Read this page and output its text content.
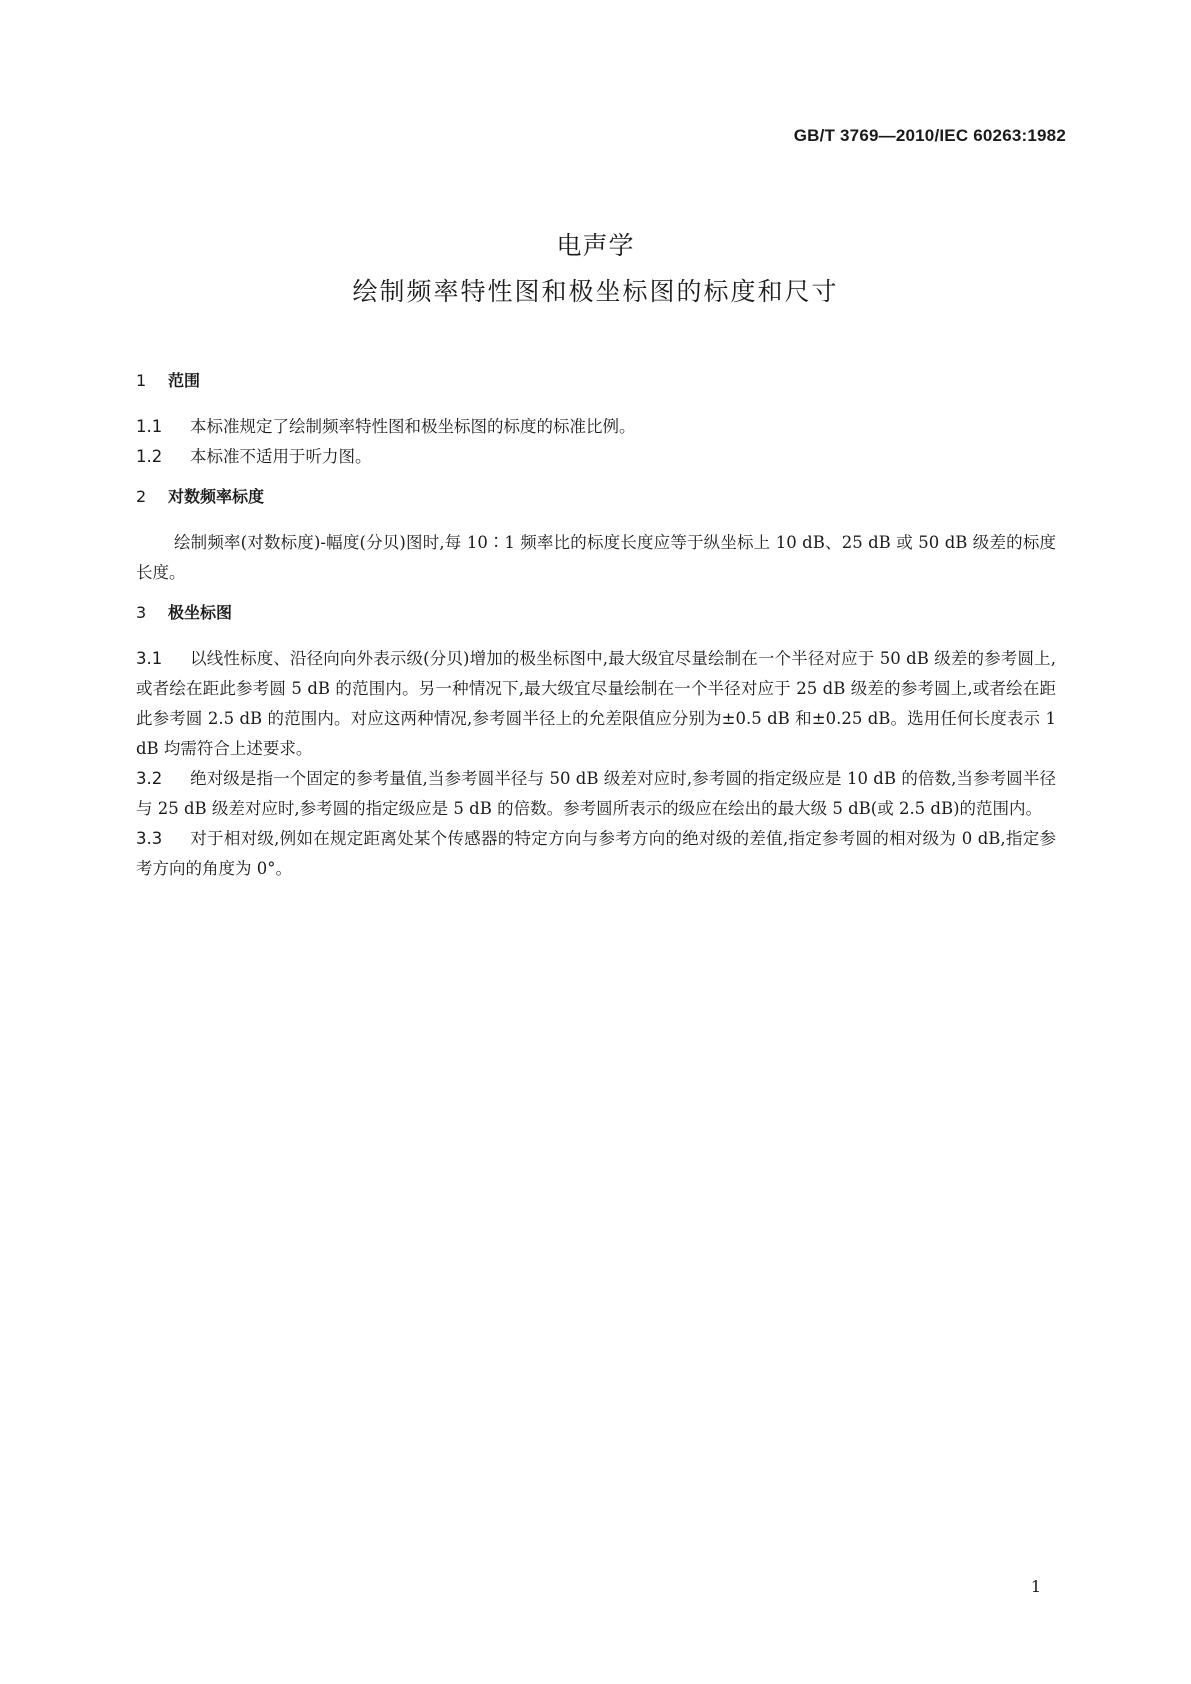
GB/T 3769—2010/IEC 60263:1982
电声学
绘制频率特性图和极坐标图的标度和尺寸
1 范围

1.1 本标准规定了绘制频率特性图和极坐标图的标度的标准比例。

1.2 本标准不适用于听力图。

2 对数频率标度

绘制频率(对数标度)-幅度(分贝)图时,每 10∶1 频率比的标度长度应等于纵坐标上 10 dB、25 dB 或 50 dB 级差的标度长度。

3 极坐标图

3.1 以线性标度、沿径向向外表示级(分贝)增加的极坐标图中,最大级宜尽量绘制在一个半径对应于 50 dB 级差的参考圆上,或者绘在距此参考圆 5 dB 的范围内。另一种情况下,最大级宜尽量绘制在一个半径对应于 25 dB 级差的参考圆上,或者绘在距此参考圆 2.5 dB 的范围内。对应这两种情况,参考圆半径上的允差限值应分别为±0.5 dB 和±0.25 dB。选用任何长度表示 1 dB 均需符合上述要求。

3.2 绝对级是指一个固定的参考量值,当参考圆半径与 50 dB 级差对应时,参考圆的指定级应是 10 dB 的倍数,当参考圆半径与 25 dB 级差对应时,参考圆的指定级应是 5 dB 的倍数。参考圆所表示的级应在绘出的最大级 5 dB(或 2.5 dB)的范围内。

3.3 对于相对级,例如在规定距离处某个传感器的特定方向与参考方向的绝对级的差值,指定参考圆的相对级为 0 dB,指定参考方向的角度为 0°。

1
